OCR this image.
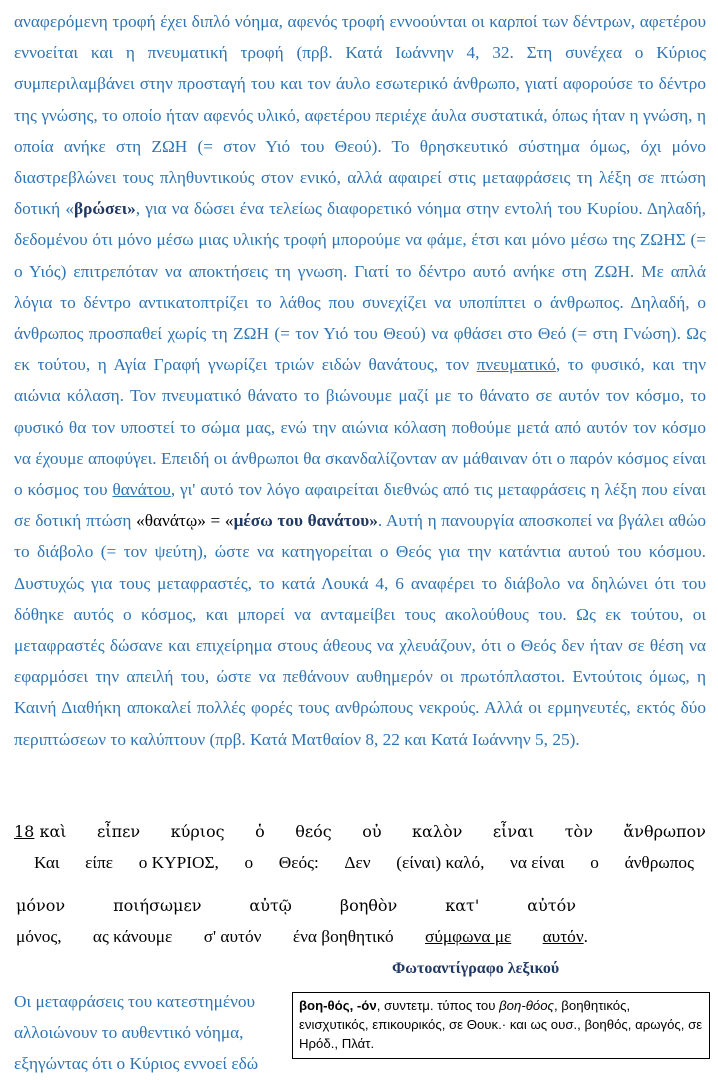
αναφερόμενη τροφή έχει διπλό νόημα, αφενός τροφή εννοούνται οι καρποί των δέντρων, αφετέρου εννοείται και η πνευματική τροφή (πρβ. Κατά Ιωάννην 4, 32. Στη συνέχεα ο Κύριος συμπεριλαμβάνει στην προσταγή του και τον άυλο εσωτερικό άνθρωπο, γιατί αφορούσε το δέντρο της γνώσης, το οποίο ήταν αφενός υλικό, αφετέρου περιέχε άυλα συστατικά, όπως ήταν η γνώση, η οποία ανήκε στη ΖΩΗ (= στον Υιό του Θεού). Το θρησκευτικό σύστημα όμως, όχι μόνο διαστρεβλώνει τους πληθυντικούς στον ενικό, αλλά αφαιρεί στις μεταφράσεις τη λέξη σε πτώση δοτική «βρώσει», για να δώσει ένα τελείως διαφορετικό νόημα στην εντολή του Κυρίου. Δηλαδή, δεδομένου ότι μόνο μέσω μιας υλικής τροφή μπορούμε να φάμε, έτσι και μόνο μέσω της ΖΩΗΣ (= ο Υιός) επιτρεπόταν να αποκτήσεις τη γνωση. Γιατί το δέντρο αυτό ανήκε στη ΖΩΗ. Με απλά λόγια το δέντρο αντικατοπτρίζει το λάθος που συνεχίζει να υποπίπτει ο άνθρωπος. Δηλαδή, ο άνθρωπος προσπαθεί χωρίς τη ΖΩΗ (= τον Υιό του Θεού) να φθάσει στο Θεό (= στη Γνώση). Ως εκ τούτου, η Αγία Γραφή γνωρίζει τριών ειδών θανάτους, τον πνευματικό, το φυσικό, και την αιώνια κόλαση. Τον πνευματικό θάνατο το βιώνουμε μαζί με το θάνατο σε αυτόν τον κόσμο, το φυσικό θα τον υποστεί το σώμα μας, ενώ την αιώνια κόλαση ποθούμε μετά από αυτόν τον κόσμο να έχουμε αποφύγει. Επειδή οι άνθρωποι θα σκανδαλίζονταν αν μάθαιναν ότι ο παρόν κόσμος είναι ο κόσμος του θανάτου, γι' αυτό τον λόγο αφαιρείται διεθνώς από τις μεταφράσεις η λέξη που είναι σε δοτική πτώση «θανάτῳ» = «μέσω του θανάτου». Αυτή η πανουργία αποσκοπεί να βγάλει αθώο το διάβολο (= τον ψεύτη), ώστε να κατηγορείται ο Θεός για την κατάντια αυτού του κόσμου. Δυστυχώς για τους μεταφραστές, το κατά Λουκά 4, 6 αναφέρει το διάβολο να δηλώνει ότι του δόθηκε αυτός ο κόσμος, και μπορεί να ανταμείβει τους ακολούθους του. Ως εκ τούτου, οι μεταφραστές δώσανε και επιχείρημα στους άθεους να χλευάζουν, ότι ο Θεός δεν ήταν σε θέση να εφαρμόσει την απειλή του, ώστε να πεθάνουν αυθημερόν οι πρωτόπλαστοι. Εντούτοις όμως, η Καινή Διαθήκη αποκαλεί πολλές φορές τους ανθρώπους νεκρούς. Αλλά οι ερμηνευτές, εκτός δύο περιπτώσεων το καλύπτουν (πρβ. Κατά Ματθαίον 8, 22 και Κατά Ιωάννην 5, 25).

18 καὶ εἶπεν κύριος ὁ θεός οὐ καλὸν εἶναι τὸν ἄνθρωπον
Και είπε ο ΚΥΡΙΟΣ, ο Θεός: Δεν (είναι) καλό, να είναι ο άνθρωπος
μόνον	ποιήσωμεν	αὐτῷ	βοηθὸν	κατ'	αὐτόν
μόνος, ας κάνουμε σ' αυτόν ένα βοηθητικό σύμφωνα με αυτόν.
Φωτοαντίγραφο λεξικού

Οι μεταφράσεις του κατεστημένου

αλλοιώνουν το αυθεντικό νόημα,

εξηγώντας ότι ο Κύριος εννοεί εδώ

βοη-θός, -όν, συντετμ. τύπος του βοη-θόος, βοηθητικός, ενισχυτικός, επικουρικός, σε Θουκ.· και ως ουσ., βοηθός, αρωγός, σε Ηρόδ., Πλάτ.
